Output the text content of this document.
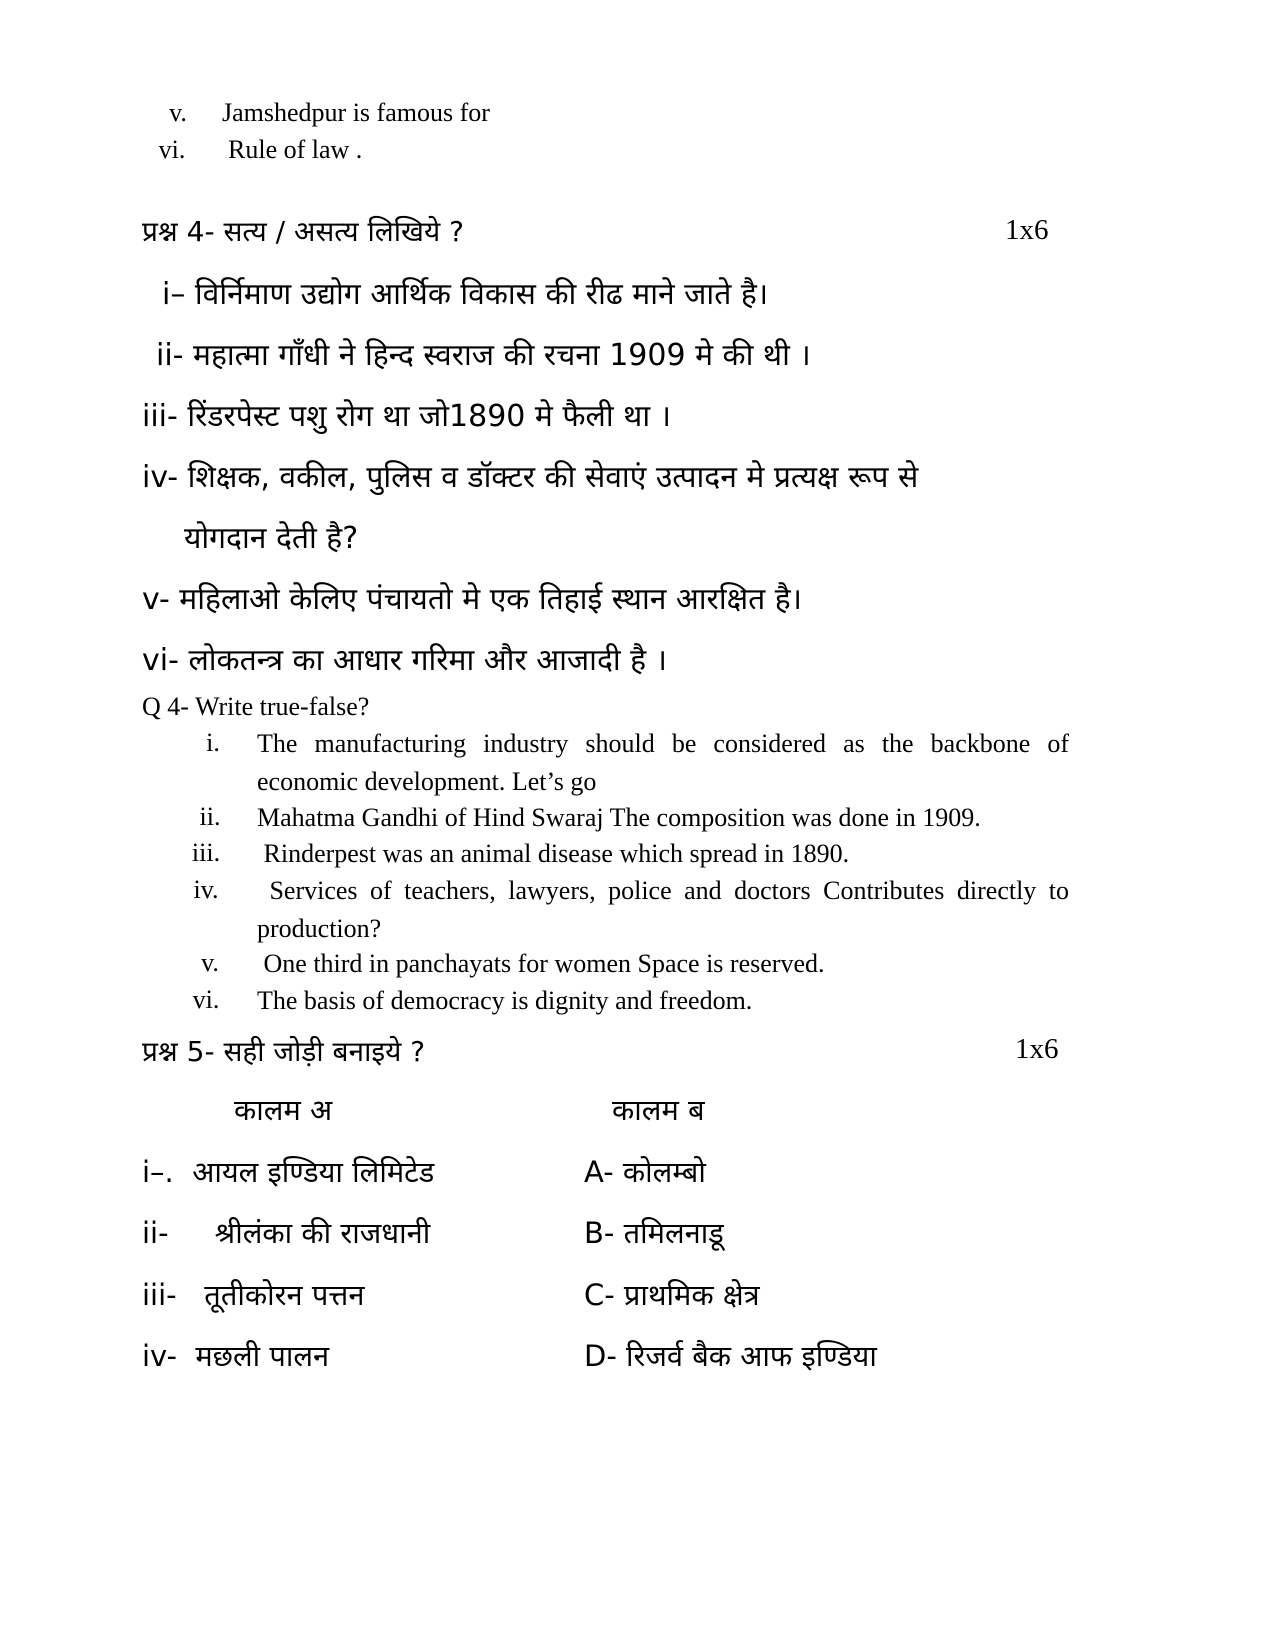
v.	Jamshedpur is famous for
vi.	Rule of law .
प्रश्न 4- सत्य / असत्य लिखिये ?	1x6
i– विर्निमाण उद्योग आर्थिक विकास की रीढ माने जाते है।
ii- महात्मा गाँधी ने हिन्द स्वराज की रचना 1909 मे की थी ।
iii- रिंडरपेस्ट पशु रोग था जो1890 मे फैली था ।
iv- शिक्षक, वकील, पुलिस व डॉक्टर की सेवाएं उत्पादन मे प्रत्यक्ष रूप से
योगदान देती है?
v- महिलाओ केलिए पंचायतो मे एक तिहाई स्थान आरक्षित है।
vi- लोकतन्त्र का आधार गरिमा और आजादी है ।
Q 4- Write true-false?
i.	The manufacturing industry should be considered as the backbone of economic development. Let’s go
ii.	Mahatma Gandhi of Hind Swaraj The composition was done in 1909.
iii.	Rinderpest was an animal disease which spread in 1890.
iv.	Services of teachers, lawyers, police and doctors Contributes directly to production?
v.	One third in panchayats for women Space is reserved.
vi.	The basis of democracy is dignity and freedom.
प्रश्न 5- सही जोड़ी बनाइये ?	1x6
कालम अ	कालम ब
i–.  आयल इण्डिया लिमिटेड	A- कोलम्बो
ii-     श्रीलंका की राजधानी	B- तमिलनाडू
iii-   तूतीकोरन पत्तन	C- प्राथमिक क्षेत्र
iv-  मछली पालन	D- रिजर्व बैक आफ इण्डिया
